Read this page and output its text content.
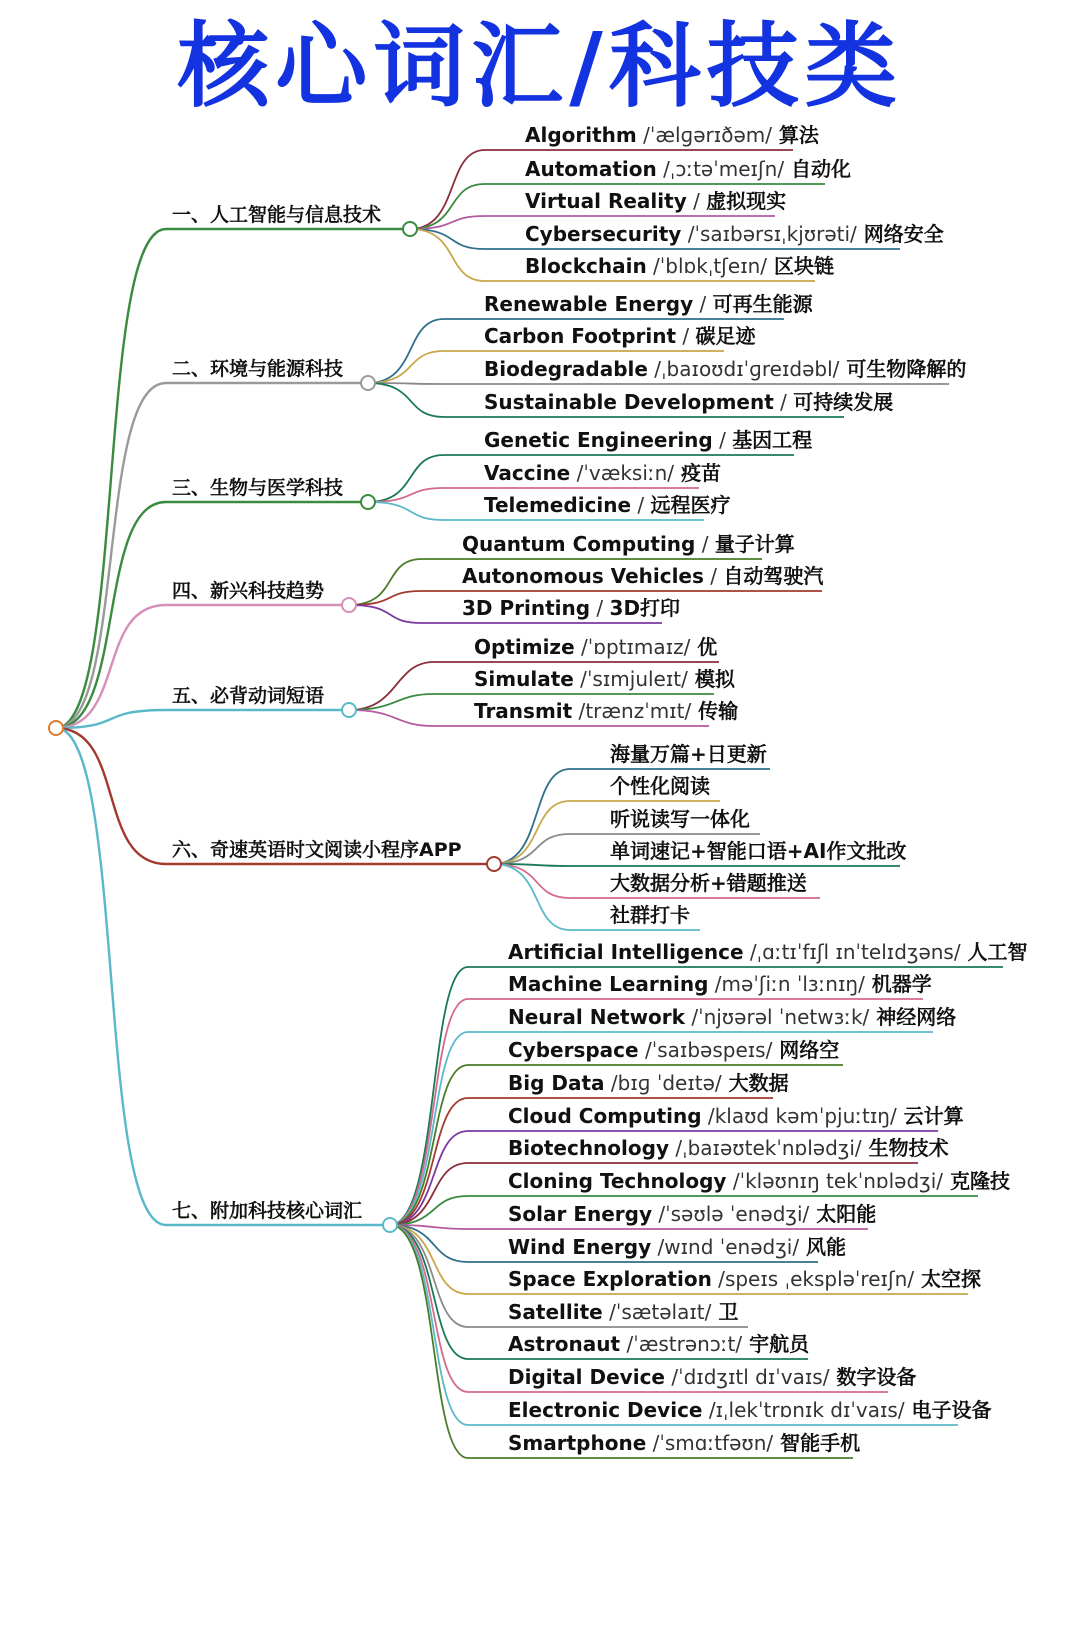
核心词汇/科技类
一、人工智能与信息技术
Algorithm /ˈælɡərɪðəm/ 算法
Automation /ˌɔːtəˈmeɪʃn/ 自动化
Virtual Reality / 虚拟现实
Cybersecurity /ˈsaɪbərsɪˌkjʊrəti/ 网络安全
Blockchain /ˈblɒkˌtʃeɪn/ 区块链
二、环境与能源科技
Renewable Energy / 可再生能源
Carbon Footprint / 碳足迹
Biodegradable /ˌbaɪoʊdɪˈɡreɪdəbl/ 可生物降解的
Sustainable Development / 可持续发展
三、生物与医学科技
Genetic Engineering / 基因工程
Vaccine /ˈvæksiːn/ 疫苗
Telemedicine / 远程医疗
四、新兴科技趋势
Quantum Computing / 量子计算
Autonomous Vehicles / 自动驾驶汽
3D Printing / 3D打印
五、必背动词短语
Optimize /ˈɒptɪmaɪz/ 优
Simulate /ˈsɪmjuleɪt/ 模拟
Transmit /trænzˈmɪt/ 传输
六、奇速英语时文阅读小程序APP
海量万篇+日更新
个性化阅读
听说读写一体化
单词速记+智能口语+AI作文批改
大数据分析+错题推送
社群打卡
七、附加科技核心词汇
Artificial Intelligence /ˌɑːtɪˈfɪʃl ɪnˈtelɪdʒəns/ 人工智
Machine Learning /məˈʃiːn ˈlɜːnɪŋ/ 机器学
Neural Network /ˈnjʊərəl ˈnetwɜːk/ 神经网络
Cyberspace /ˈsaɪbəspeɪs/ 网络空
Big Data /bɪɡ ˈdeɪtə/ 大数据
Cloud Computing /klaʊd kəmˈpjuːtɪŋ/ 云计算
Biotechnology /ˌbaɪəʊtekˈnɒlədʒi/ 生物技术
Cloning Technology /ˈkləʊnɪŋ tekˈnɒlədʒi/ 克隆技
Solar Energy /ˈsəʊlə ˈenədʒi/ 太阳能
Wind Energy /wɪnd ˈenədʒi/ 风能
Space Exploration /speɪs ˌekspləˈreɪʃn/ 太空探
Satellite /ˈsætəlaɪt/ 卫
Astronaut /ˈæstrənɔːt/ 宇航员
Digital Device /ˈdɪdʒɪtl dɪˈvaɪs/ 数字设备
Electronic Device /ɪˌlekˈtrɒnɪk dɪˈvaɪs/ 电子设备
Smartphone /ˈsmɑːtfəʊn/ 智能手机
